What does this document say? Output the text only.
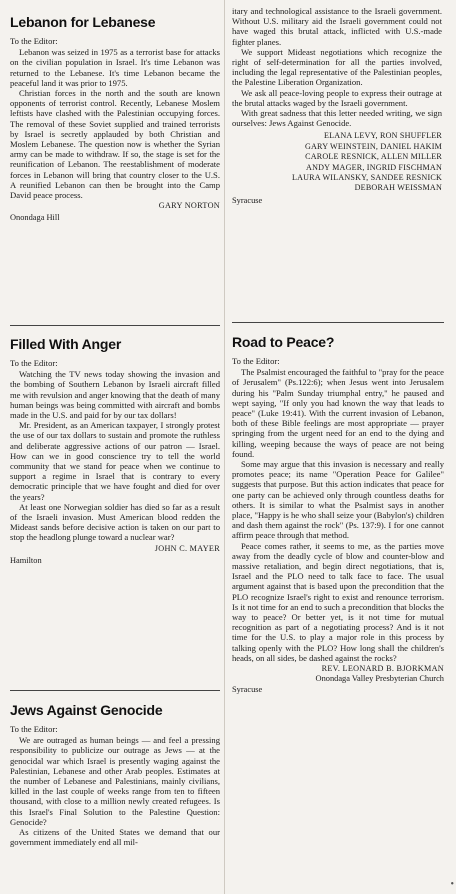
Lebanon for Lebanese

To the Editor:

Lebanon was seized in 1975 as a terrorist base for attacks on the civilian population in Israel. It's time Lebanon was returned to the Lebanese. It's time Lebanon became the peaceful land it was prior to 1975.

Christian forces in the north and the south are known opponents of terrorist control. Recently, Lebanese Moslem leftists have clashed with the Palestinian occupying forces. The removal of these Soviet supplied and trained terrorists by Israel is secretly applauded by both Christian and Moslem Lebanese. The question now is whether the Syrian army can be made to withdraw. If so, the stage is set for the reunification of Lebanon. The reestablishment of moderate forces in Lebanon will bring that country closer to the U.S. A reunified Lebanon can then be brought into the Camp David peace process.

GARY NORTON

Onondaga Hill

Filled With Anger

To the Editor:

Watching the TV news today showing the invasion and the bombing of Southern Lebanon by Israeli aircraft filled me with revulsion and anger knowing that the death of many human beings was being committed with aircraft and bombs made in the U.S. and paid for by our tax dollars!

Mr. President, as an American taxpayer, I strongly protest the use of our tax dollars to sustain and promote the ruthless and deliberate aggressive actions of our patron — Israel. How can we in good conscience try to tell the world community that we stand for peace when we continue to support a regime in Israel that is contrary to every democratic principle that we have fought and died for over the years?

At least one Norwegian soldier has died so far as a result of the Israeli invasion. Must American blood redden the Mideast sands before decisive action is taken on our part to stop the headlong plunge toward a nuclear war?

JOHN C. MAYER

Hamilton

Jews Against Genocide

To the Editor:

We are outraged as human beings — and feel a pressing responsibility to publicize our outrage as Jews — at the genocidal war which Israel is presently waging against the Palestinian, Lebanese and other Arab peoples. Estimates at the number of Lebanese and Palestinians, mainly civilians, killed in the last couple of weeks range from ten to fifteen thousand, with close to a million newly created refugees. Is this Israel's Final Solution to the Palestine Question: Genocide?

As citizens of the United States we demand that our government immediately end all mil-

itary and technological assistance to the Israeli government. Without U.S. military aid the Israeli government could not have waged this brutal attack, inflicted with U.S.-made fighter planes.

We support Mideast negotiations which recognize the right of self-determination for all the parties involved, including the legal representative of the Palestinian peoples, the Palestine Liberation Organization.

We ask all peace-loving people to express their outrage at the brutal attacks waged by the Israeli government.

With great sadness that this letter needed writing, we sign ourselves: Jews Against Genocide.

ELANA LEVY, RON SHUFFLER

GARY WEINSTEIN, DANIEL HAKIM

CAROLE RESNICK, ALLEN MILLER

ANDY MAGER, INGRID FISCHMAN

LAURA WILANSKY, SANDEE RESNICK

DEBORAH WEISSMAN

Syracuse

Road to Peace?

To the Editor:

The Psalmist encouraged the faithful to "pray for the peace of Jerusalem" (Ps.122:6); when Jesus went into Jerusalem during his "Palm Sunday triumphal entry," he paused and wept saying, "If only you had known the way that leads to peace" (Luke 19:41). With the current invasion of Lebanon, both of these Bible feelings are most appropriate — prayer springing from the urgent need for an end to the dying and killing, weeping because the ways of peace are not being found.

Some may argue that this invasion is necessary and really promotes peace; its name "Operation Peace for Galilee" suggests that purpose. But this action indicates that peace for one party can be achieved only through countless deaths for others. It is similar to what the Psalmist says in another place, "Happy is he who shall seize your (Babylon's) children and dash them against the rock" (Ps. 137:9). I for one cannot affirm peace through that method.

Peace comes rather, it seems to me, as the parties move away from the deadly cycle of blow and counter-blow and massive retaliation, and begin direct negotiations, that is, Israel and the PLO need to talk face to face. The usual argument against that is based upon the precondition that the PLO recognize Israel's right to exist and renounce terrorism. Is it not time for an end to such a precondition that blocks the way to peace? Or better yet, is it not time for mutual recognition as part of a negotiating process? And is it not time for the U.S. to play a major role in this process by talking openly with the PLO? How long shall the children's heads, on all sides, be dashed against the rocks?

REV. LEONARD B. BJORKMAN

Onondaga Valley Presbyterian Church

Syracuse

•
